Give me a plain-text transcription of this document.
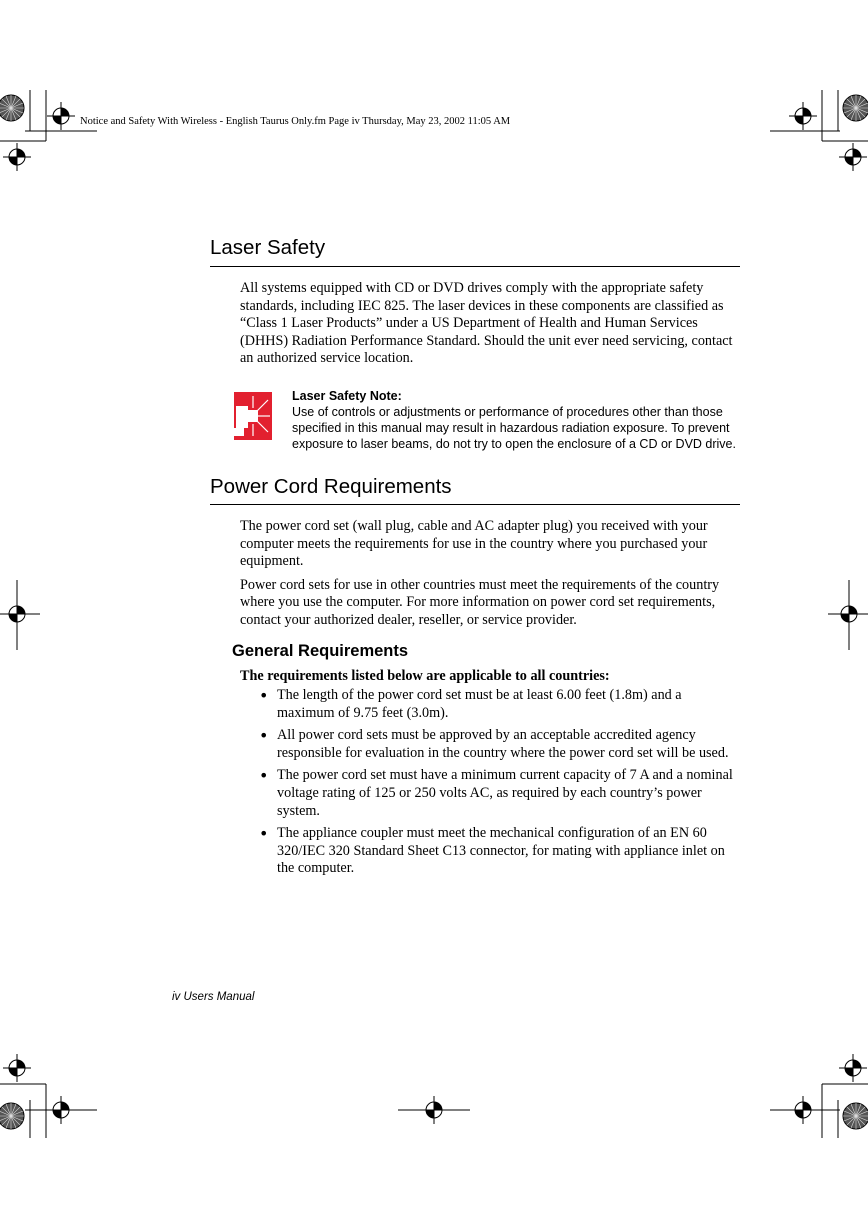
Notice and Safety With Wireless - English Taurus Only.fm Page iv Thursday, May 23, 2002 11:05 AM
Laser Safety

All systems equipped with CD or DVD drives comply with the appropriate safety standards, including IEC 825. The laser devices in these components are classified as “Class 1 Laser Products” under a US Department of Health and Human Services (DHHS) Radiation Performance Standard. Should the unit ever need servicing, contact an authorized service location.

Laser Safety Note:
Use of controls or adjustments or performance of procedures other than those specified in this manual may result in hazardous radiation exposure. To prevent exposure to laser beams, do not try to open the enclosure of a CD or DVD drive.
Power Cord Requirements

The power cord set (wall plug, cable and AC adapter plug) you received with your computer meets the requirements for use in the country where you purchased your equipment.

Power cord sets for use in other countries must meet the requirements of the country where you use the computer. For more information on power cord set requirements, contact your authorized dealer, reseller, or service provider.

General Requirements
The requirements listed below are applicable to all countries:
• The length of the power cord set must be at least 6.00 feet (1.8m) and a maximum of 9.75 feet (3.0m).
• All power cord sets must be approved by an acceptable accredited agency responsible for evaluation in the country where the power cord set will be used.
• The power cord set must have a minimum current capacity of 7 A and a nominal voltage rating of 125 or 250 volts AC, as required by each country’s power system.
• The appliance coupler must meet the mechanical configuration of an EN 60 320/IEC 320 Standard Sheet C13 connector, for mating with appliance inlet on the computer.
iv Users Manual
